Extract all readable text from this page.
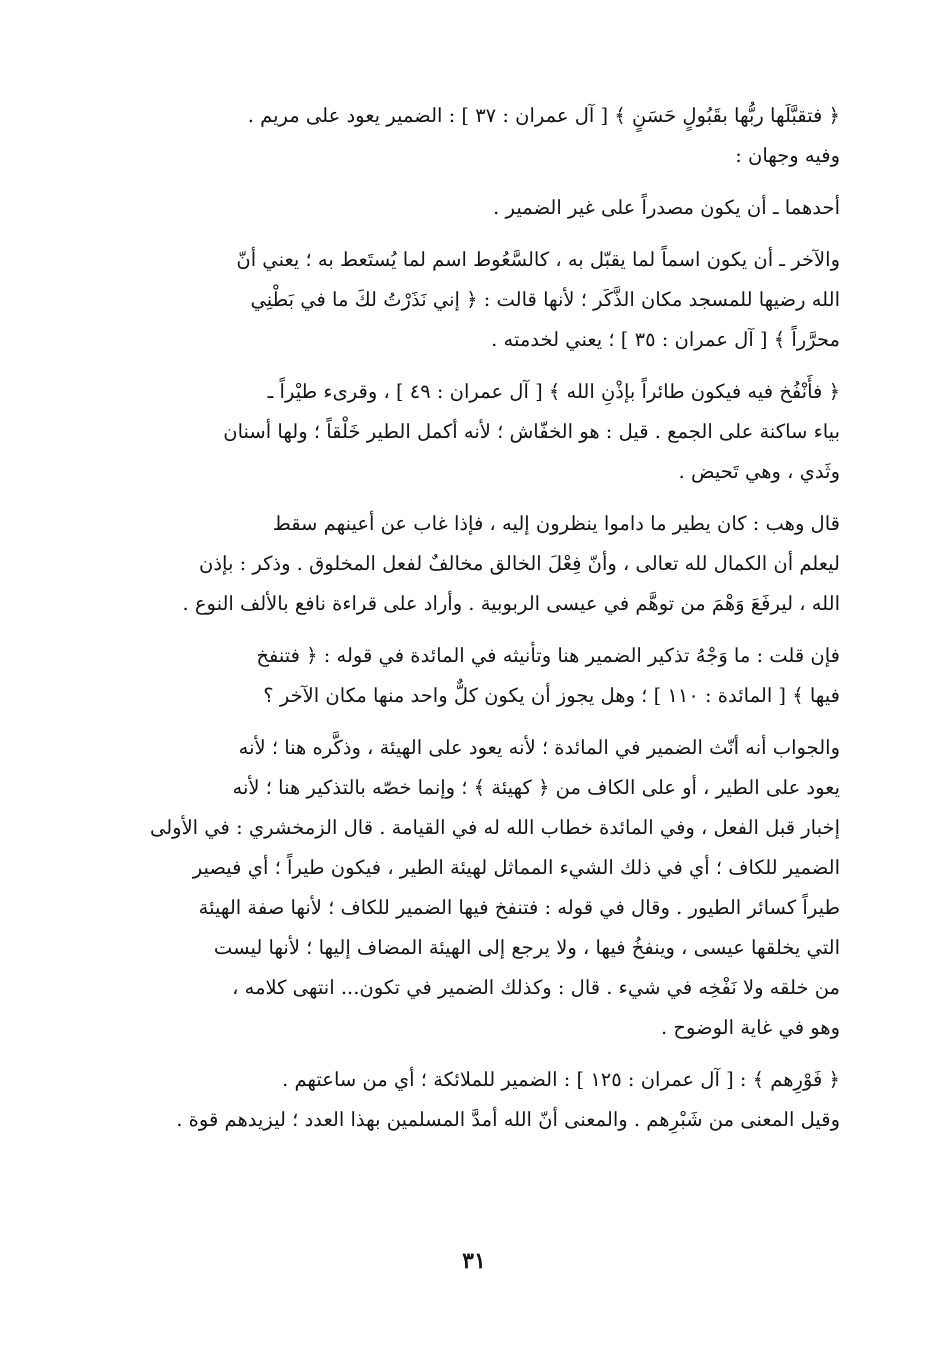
﴿ فتقبَّلَها ربُّها بقَبُولٍ حَسَنٍ ﴾ [ آل عمران : ٣٧ ] : الضمير يعود على مريم .
وفيه وجهان :

أحدهما ـ أن يكون مصدراً على غير الضمير .

والآخر ـ أن يكون اسماً لما يقبّل به ، كالسَّعُوط اسم لما يُستَعط به ؛ يعني أنّ
الله رضيها للمسجد مكان الذَّكَر ؛ لأنها قالت : ﴿ إني نَذَرْتُ لكَ ما في بَطْنِي
محرَّراً ﴾ [ آل عمران : ٣٥ ] ؛ يعني لخدمته .

﴿ فأَنْفُخ فيه فيكون طائراً بإذْنِ الله ﴾ [ آل عمران : ٤٩ ] ، وقرىء طيْراً ـ
بياء ساكنة على الجمع . قيل : هو الخفّاش ؛ لأنه أكمل الطير خَلْقاً ؛ ولها أسنان
وثَدي ، وهي تَحيض .

قال وهب : كان يطير ما داموا ينظرون إليه ، فإذا غاب عن أعينهم سقط
ليعلم أن الكمال لله تعالى ، وأنّ فِعْلَ الخالق مخالفٌ لفعل المخلوق . وذكر : بإذن
الله ، ليرفَعَ وَهْمَ من توهَّم في عيسى الربوبية . وأراد على قراءة نافع بالألف النوع .

فإن قلت : ما وَجْهُ تذكير الضمير هنا وتأنيثه في المائدة في قوله : ﴿ فتنفخ
فيها ﴾ [ المائدة : ١١٠ ] ؛ وهل يجوز أن يكون كلٌّ واحد منها مكان الآخر ؟

والجواب أنه أنّث الضمير في المائدة ؛ لأنه يعود على الهيئة ، وذكَّره هنا ؛ لأنه
يعود على الطير ، أو على الكاف من ﴿ كهيئة ﴾ ؛ وإنما خصّه بالتذكير هنا ؛ لأنه
إخبار قبل الفعل ، وفي المائدة خطاب الله له في القيامة . قال الزمخشري : في الأولى
الضمير للكاف ؛ أي في ذلك الشيء المماثل لهيئة الطير ، فيكون طيراً ؛ أي فيصير
طيراً كسائر الطيور . وقال في قوله : فتنفخ فيها الضمير للكاف ؛ لأنها صفة الهيئة
التي يخلقها عيسى ، وينفخُ فيها ، ولا يرجع إلى الهيئة المضاف إليها ؛ لأنها ليست
من خلقه ولا نَفْخِه في شيء . قال : وكذلك الضمير في تكون... انتهى كلامه ،
وهو في غاية الوضوح .

﴿ فَوْرِهم ﴾ : [ آل عمران : ١٢٥ ] : الضمير للملائكة ؛ أي من ساعتهم .
وقيل المعنى من شَبْرِهم . والمعنى أنّ الله أمدَّ المسلمين بهذا العدد ؛ ليزيدهم قوة .

٣١
